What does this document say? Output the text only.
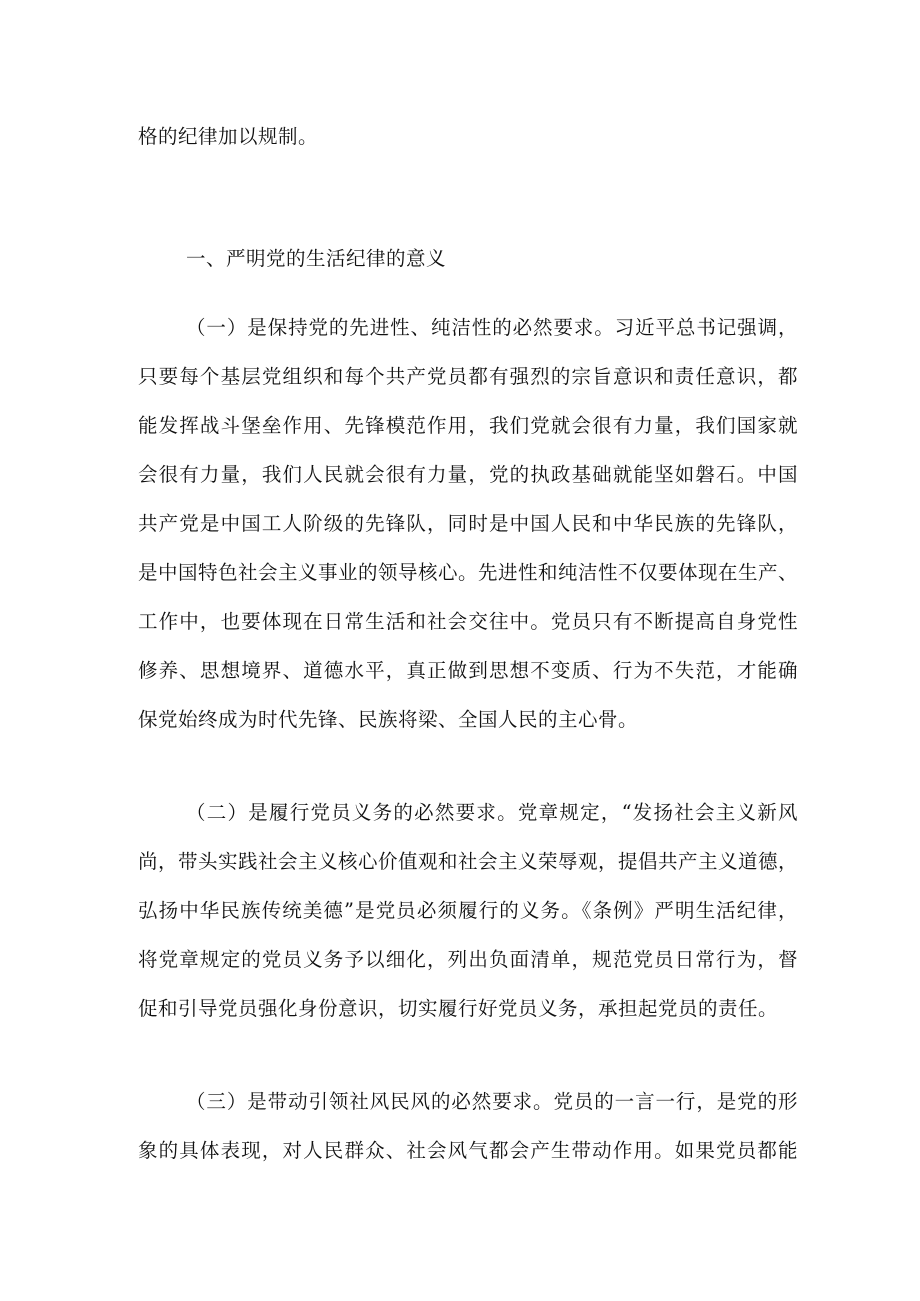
格的纪律加以规制。
一、严明党的生活纪律的意义
（一）是保持党的先进性、纯洁性的必然要求。习近平总书记强调，
只要每个基层党组织和每个共产党员都有强烈的宗旨意识和责任意识，都
能发挥战斗堡垒作用、先锋模范作用，我们党就会很有力量，我们国家就
会很有力量，我们人民就会很有力量，党的执政基础就能坚如磐石。中国
共产党是中国工人阶级的先锋队，同时是中国人民和中华民族的先锋队，
是中国特色社会主义事业的领导核心。先进性和纯洁性不仅要体现在生产、
工作中，也要体现在日常生活和社会交往中。党员只有不断提高自身党性
修养、思想境界、道德水平，真正做到思想不变质、行为不失范，才能确
保党始终成为时代先锋、民族将梁、全国人民的主心骨。
（二）是履行党员义务的必然要求。党章规定，“发扬社会主义新风
尚，带头实践社会主义核心价值观和社会主义荣辱观，提倡共产主义道德，
弘扬中华民族传统美德”是党员必须履行的义务。《条例》严明生活纪律，
将党章规定的党员义务予以细化，列出负面清单，规范党员日常行为，督
促和引导党员强化身份意识，切实履行好党员义务，承担起党员的责任。
（三）是带动引领社风民风的必然要求。党员的一言一行，是党的形
象的具体表现，对人民群众、社会风气都会产生带动作用。如果党员都能
